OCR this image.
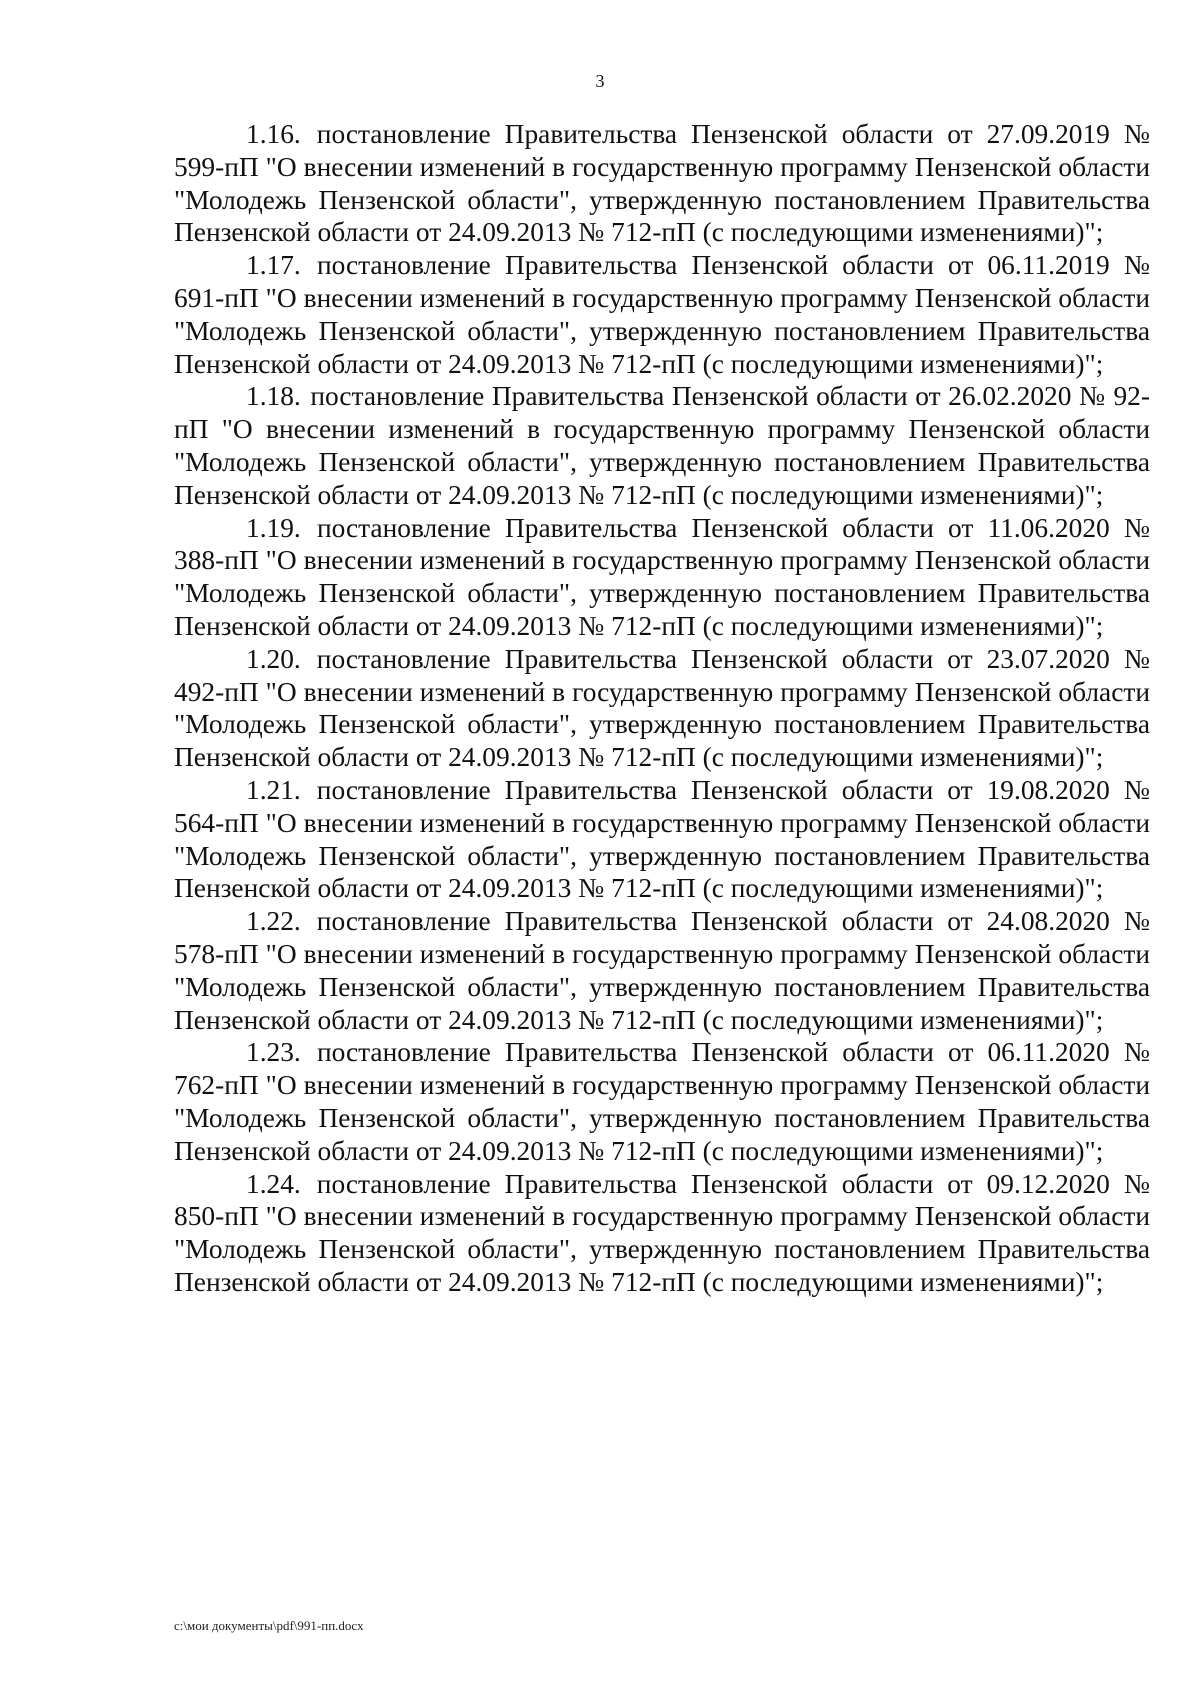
3

1.16. постановление Правительства Пензенской области от 27.09.2019 № 599-пП "О внесении изменений в государственную программу Пензенской области "Молодежь Пензенской области", утвержденную постановлением Правительства Пензенской области от 24.09.2013 № 712-пП (с последующими изменениями)";

1.17. постановление Правительства Пензенской области от 06.11.2019 № 691-пП "О внесении изменений в государственную программу Пензенской области "Молодежь Пензенской области", утвержденную постановлением Правительства Пензенской области от 24.09.2013 № 712-пП (с последующими изменениями)";

1.18. постановление Правительства Пензенской области от 26.02.2020 № 92-пП "О внесении изменений в государственную программу Пензенской области "Молодежь Пензенской области", утвержденную постановлением Правительства Пензенской области от 24.09.2013 № 712-пП (с последующими изменениями)";

1.19. постановление Правительства Пензенской области от 11.06.2020 № 388-пП "О внесении изменений в государственную программу Пензенской области "Молодежь Пензенской области", утвержденную постановлением Правительства Пензенской области от 24.09.2013 № 712-пП (с последующими изменениями)";

1.20. постановление Правительства Пензенской области от 23.07.2020 № 492-пП "О внесении изменений в государственную программу Пензенской области "Молодежь Пензенской области", утвержденную постановлением Правительства Пензенской области от 24.09.2013 № 712-пП (с последующими изменениями)";

1.21. постановление Правительства Пензенской области от 19.08.2020 № 564-пП "О внесении изменений в государственную программу Пензенской области "Молодежь Пензенской области", утвержденную постановлением Правительства Пензенской области от 24.09.2013 № 712-пП (с последующими изменениями)";

1.22. постановление Правительства Пензенской области от 24.08.2020 № 578-пП "О внесении изменений в государственную программу Пензенской области "Молодежь Пензенской области", утвержденную постановлением Правительства Пензенской области от 24.09.2013 № 712-пП (с последующими изменениями)";

1.23. постановление Правительства Пензенской области от 06.11.2020 № 762-пП "О внесении изменений в государственную программу Пензенской области "Молодежь Пензенской области", утвержденную постановлением Правительства Пензенской области от 24.09.2013 № 712-пП (с последующими изменениями)";

1.24. постановление Правительства Пензенской области от 09.12.2020 № 850-пП "О внесении изменений в государственную программу Пензенской области "Молодежь Пензенской области", утвержденную постановлением Правительства Пензенской области от 24.09.2013 № 712-пП (с последующими изменениями)";

c:\мои документы\pdf\991-пп.docx
